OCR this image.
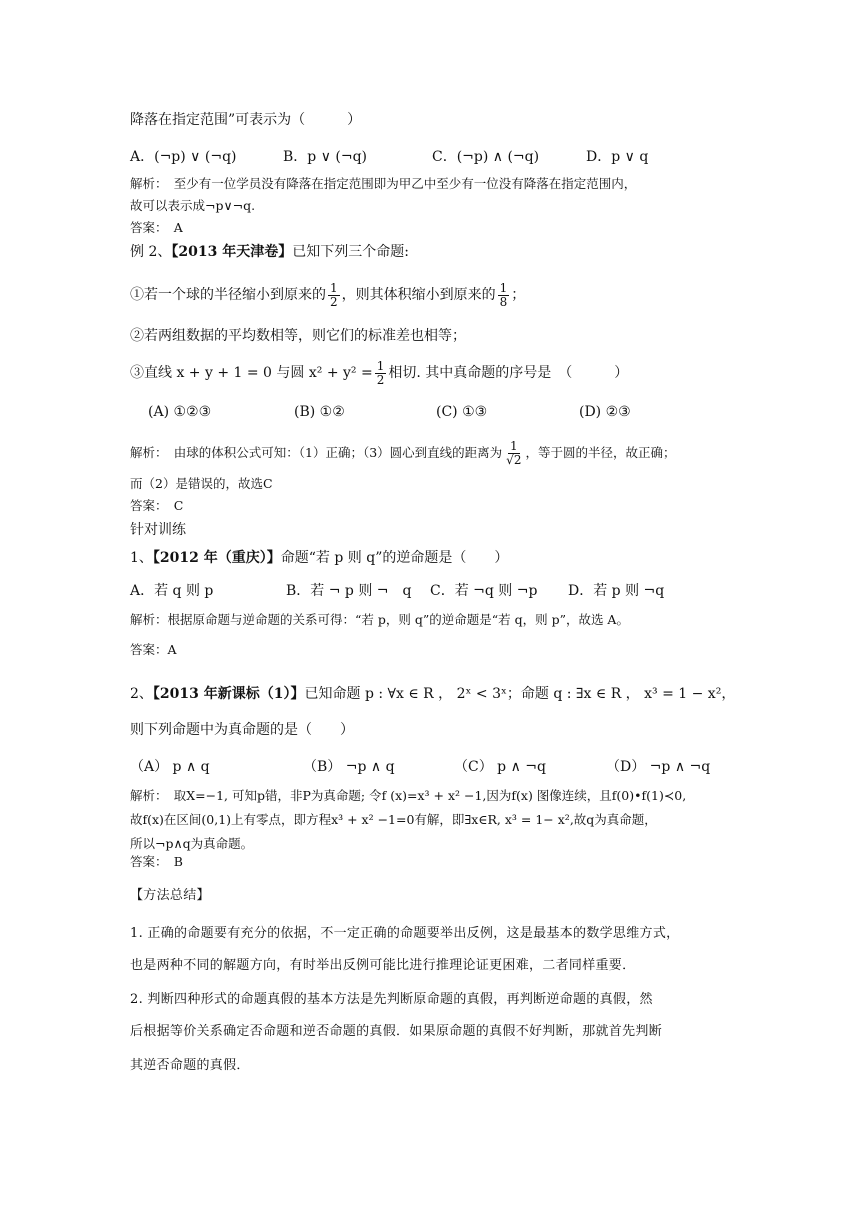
降落在指定范围”可表示为（　　　）
A．(¬p) ∨ (¬q)	B．p ∨ (¬q)	C．(¬p) ∧ (¬q)	D．p ∨ q
解析：　至少有一位学员没有降落在指定范围即为甲乙中至少有一位没有降落在指定范围内，
故可以表示成¬p∨¬q.
答案：　A
例 2、【2013 年天津卷】已知下列三个命题:
①若一个球的半径缩小到原来的 $\frac{1}{2}$ ，则其体积缩小到原来的 $\frac{1}{8}$ ；
②若两组数据的平均数相等，则它们的标准差也相等；
③直线 x + y + 1 = 0 与圆 $x^2 + y^2 = \frac{1}{2}$ 相切. 其中真命题的序号是　（　　　）
(A) ①②③	(B) ①②	(C) ①③	(D) ②③
解析：　由球的体积公式可知：（1）正确；（3）圆心到直线的距离为 $\frac{1}{√2}$ ，等于圆的半径，故正确；
而（2）是错误的，故选C
答案：　C
针对训练
1、【2012 年（重庆）】命题“若 p 则 q”的逆命题是（　　）
A．若 q 则 p	B．若 ¬ p 则 ¬　q C．若 ¬q 则 ¬p D．若 p 则 ¬q
解析：根据原命题与逆命题的关系可得：“若 p，则 q”的逆命题是“若 q，则 p”，故选 A。
答案：A
2、【2013 年新课标（1）】已知命题 p : ∀x ∈ R ， 2ˣ < 3ˣ；命题 q : ∃x ∈ R ， x³ = 1 − x²，
则下列命题中为真命题的是（　　）
（A） p ∧ q	（B） ¬p ∧ q	（C） p ∧ ¬q	（D） ¬p ∧ ¬q
解析：　取X=−1, 可知p错，非P为真命题; 令f (x)=x³ + x² −1,因为f(x) 图像连续，且f(0)•f(1)≺0,
故f(x)在区间(0,1)上有零点，即方程x³ + x² −1=0有解，即∃x∈R, x³ = 1− x²,故q为真命题，
所以¬p∧q为真命题。
答案：　B
【方法总结】
1. 正确的命题要有充分的依据，不一定正确的命题要举出反例，这是最基本的数学思维方式，
也是两种不同的解题方向，有时举出反例可能比进行推理论证更困难，二者同样重要．
2. 判断四种形式的命题真假的基本方法是先判断原命题的真假，再判断逆命题的真假，然
后根据等价关系确定否命题和逆否命题的真假．如果原命题的真假不好判断，那就首先判断
其逆否命题的真假．
